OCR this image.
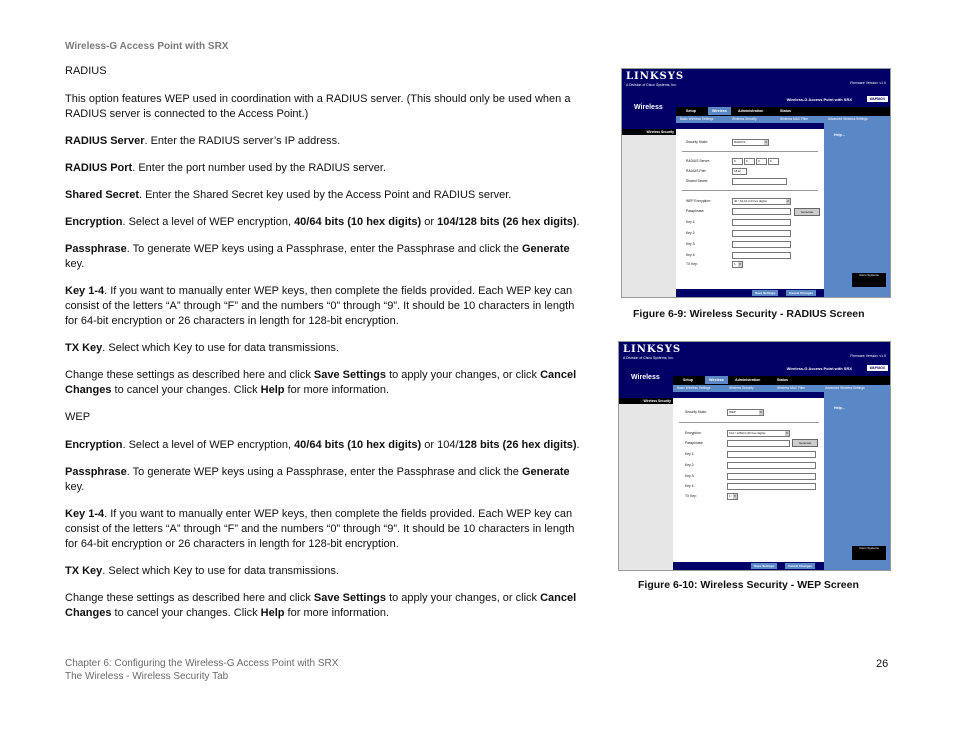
Wireless-G Access Point with SRX

RADIUS

This option features WEP used in coordination with a RADIUS server. (This should only be used when a RADIUS server is connected to the Access Point.)

RADIUS Server. Enter the RADIUS server’s IP address.

RADIUS Port. Enter the port number used by the RADIUS server.

Shared Secret. Enter the Shared Secret key used by the Access Point and RADIUS server.

Encryption. Select a level of WEP encryption, 40/64 bits (10 hex digits) or 104/128 bits (26 hex digits).

Passphrase. To generate WEP keys using a Passphrase, enter the Passphrase and click the Generate key.

Key 1-4. If you want to manually enter WEP keys, then complete the fields provided. Each WEP key can consist of the letters “A” through “F” and the numbers “0” through “9”. It should be 10 characters in length for 64-bit encryption or 26 characters in length for 128-bit encryption.

TX Key. Select which Key to use for data transmissions.

Change these settings as described here and click Save Settings to apply your changes, or click Cancel Changes to cancel your changes. Click Help for more information.

WEP

Encryption. Select a level of WEP encryption, 40/64 bits (10 hex digits) or 104/128 bits (26 hex digits).

Passphrase. To generate WEP keys using a Passphrase, enter the Passphrase and click the Generate key.

Key 1-4. If you want to manually enter WEP keys, then complete the fields provided. Each WEP key can consist of the letters “A” through “F” and the numbers “0” through “9”. It should be 10 characters in length for 64-bit encryption or 26 characters in length for 128-bit encryption.

TX Key. Select which Key to use for data transmissions.

Change these settings as described here and click Save Settings to apply your changes, or click Cancel Changes to cancel your changes. Click Help for more information.

LINKSYS
A Division of Cisco Systems, Inc.	Firmware Version: v1.0
Wireless
Wireless-G Access Point with SRX	WAP54GX
Setup	Wireless	Administration	Status
Basic Wireless Settings	Wireless Security	Wireless MAC Filter	Advanced Wireless Settings
Wireless Security
Help...
Cisco Systems
Security Mode:	RADIUS ▾
RADIUS Server:	0	0	0	0
RADIUS Port:	1812
Shared Secret:
WEP Encryption:	40 / 64-bit (10 hex digits) ▾
Passphrase:	Generate
Key 1:
Key 2:
Key 3:
Key 4:
TX Key:	1 ▾
Save Settings	Cancel Changes
Figure 6-9: Wireless Security - RADIUS Screen
LINKSYS
A Division of Cisco Systems, Inc.	Firmware Version: v1.0
Wireless
Wireless-G Access Point with SRX	WAP54GX
Setup	Wireless	Administration	Status
Basic Wireless Settings	Wireless Security	Wireless MAC Filter	Advanced Wireless Settings
Wireless Security
Help...
Cisco Systems
Security Mode:	WEP ▾
Encryption:	104 / 128-bit (26 hex digits) ▾
Passphrase:	Generate
Key 1:
Key 2:
Key 3:
Key 4:
TX Key:	1 ▾
Save Settings	Cancel Changes
Figure 6-10: Wireless Security - WEP Screen
Chapter 6: Configuring the Wireless-G Access Point with SRX
The Wireless - Wireless Security Tab
26
